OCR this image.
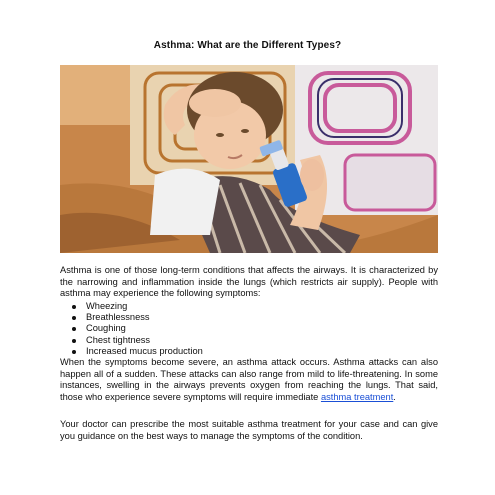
Asthma: What are the Different Types?

Asthma is one of those long-term conditions that affects the airways. It is characterized by the narrowing and inflammation inside the lungs (which restricts air supply). People with asthma may experience the following symptoms:

Wheezing
Breathlessness
Coughing
Chest tightness
Increased mucus production

When the symptoms become severe, an asthma attack occurs. Asthma attacks can also happen all of a sudden. These attacks can also range from mild to life-threatening. In some instances, swelling in the airways prevents oxygen from reaching the lungs. That said, those who experience severe symptoms will require immediate asthma treatment.

Your doctor can prescribe the most suitable asthma treatment for your case and can give you guidance on the best ways to manage the symptoms of the condition.
